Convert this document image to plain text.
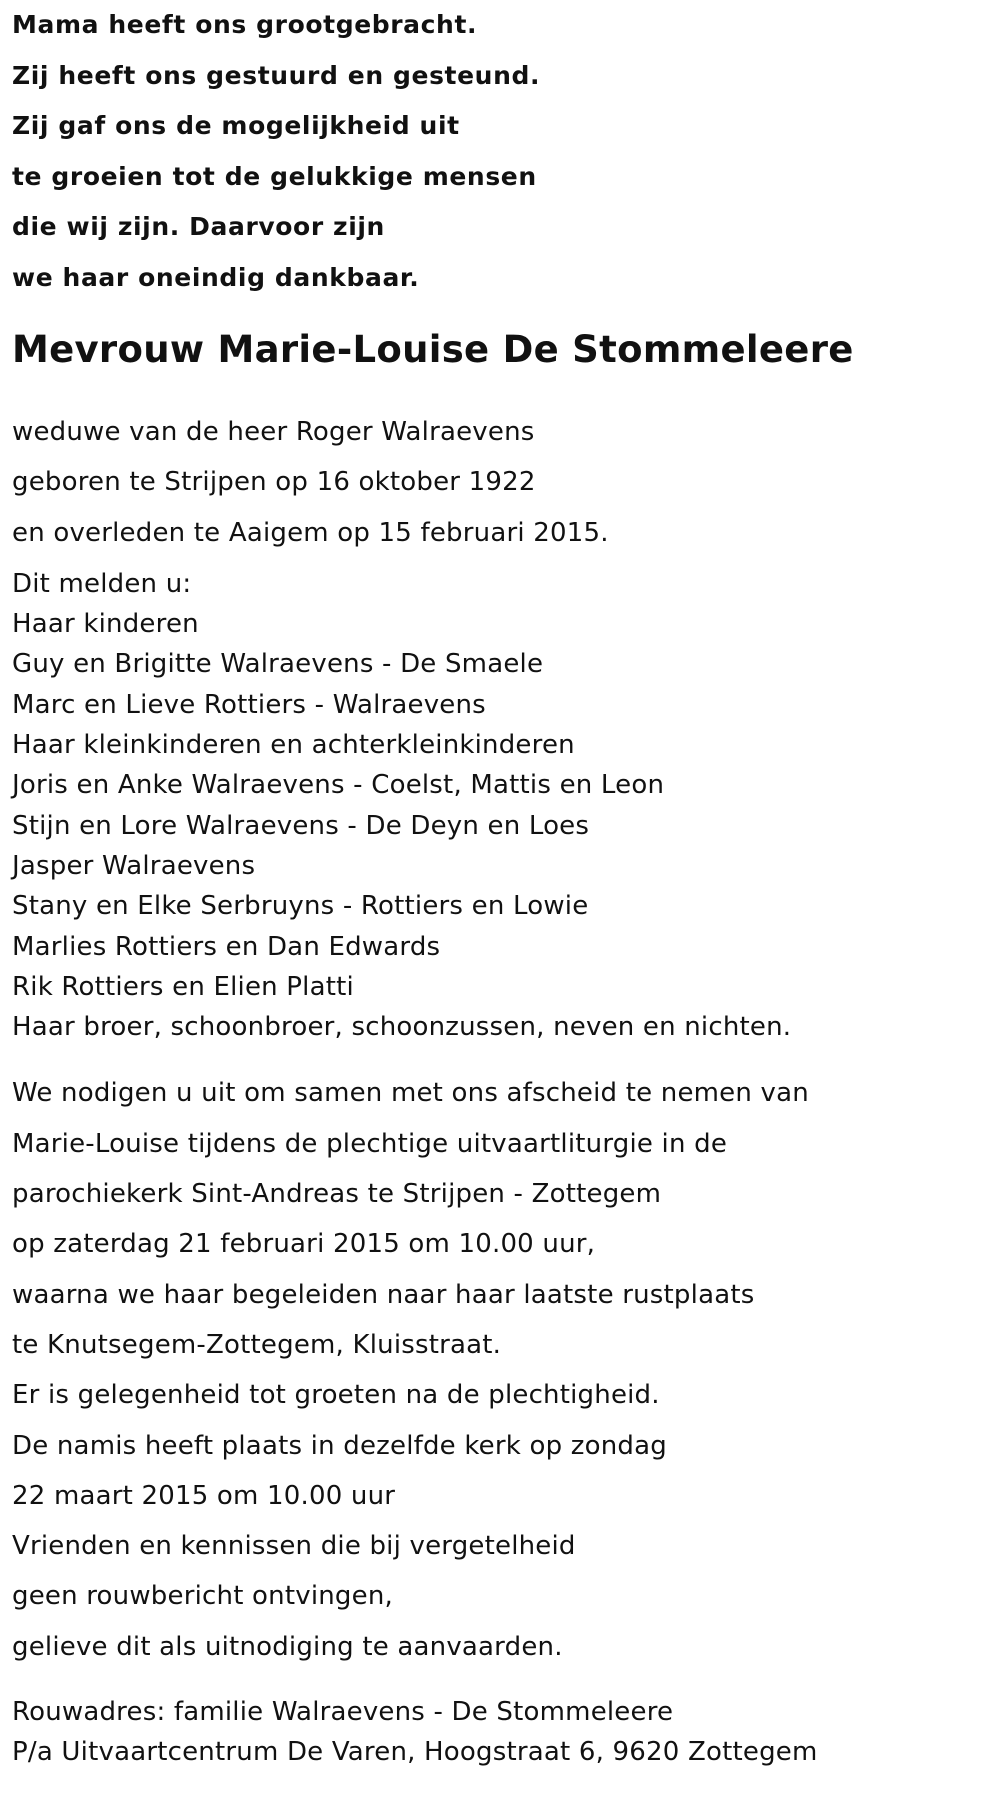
Mama heeft ons grootgebracht.
Zij heeft ons gestuurd en gesteund.
Zij gaf ons de mogelijkheid uit
te groeien tot de gelukkige mensen
die wij zijn. Daarvoor zijn
we haar oneindig dankbaar.
Mevrouw Marie-Louise De Stommeleere
weduwe van de heer Roger Walraevens
geboren te Strijpen op 16 oktober 1922
en overleden te Aaigem op 15 februari 2015.
Dit melden u:
Haar kinderen
Guy en Brigitte Walraevens - De Smaele
Marc en Lieve Rottiers - Walraevens
Haar kleinkinderen en achterkleinkinderen
Joris en Anke Walraevens - Coelst, Mattis en Leon
Stijn en Lore Walraevens - De Deyn en Loes
Jasper Walraevens
Stany en Elke Serbruyns - Rottiers en Lowie
Marlies Rottiers en Dan Edwards
Rik Rottiers en Elien Platti
Haar broer, schoonbroer, schoonzussen, neven en nichten.
We nodigen u uit om samen met ons afscheid te nemen van
Marie-Louise tijdens de plechtige uitvaartliturgie in de
parochiekerk Sint-Andreas te Strijpen - Zottegem
op zaterdag 21 februari 2015 om 10.00 uur,
waarna we haar begeleiden naar haar laatste rustplaats
te Knutsegem-Zottegem, Kluisstraat.
Er is gelegenheid tot groeten na de plechtigheid.
De namis heeft plaats in dezelfde kerk op zondag
22 maart 2015 om 10.00 uur
Vrienden en kennissen die bij vergetelheid
geen rouwbericht ontvingen,
gelieve dit als uitnodiging te aanvaarden.
Rouwadres: familie Walraevens - De Stommeleere
P/a Uitvaartcentrum De Varen, Hoogstraat 6, 9620 Zottegem
